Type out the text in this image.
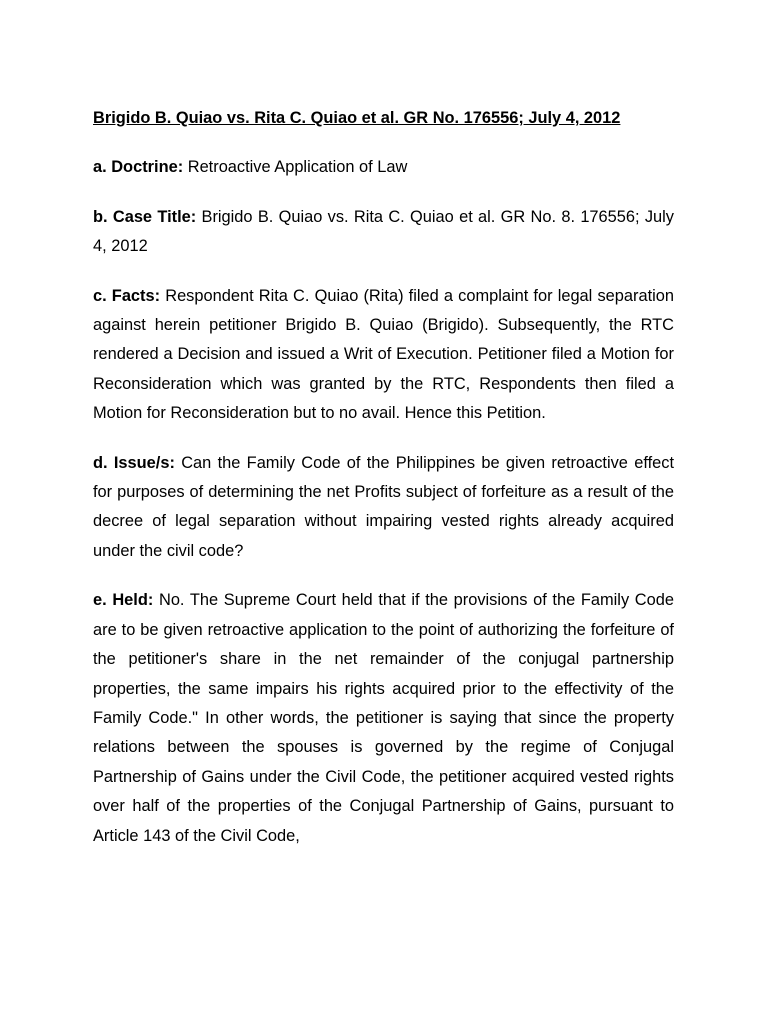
Brigido B. Quiao vs. Rita C. Quiao et al. GR No. 176556; July 4, 2012

a. Doctrine: Retroactive Application of Law

b. Case Title: Brigido B. Quiao vs. Rita C. Quiao et al. GR No. 8. 176556; July 4, 2012

c. Facts: Respondent Rita C. Quiao (Rita) filed a complaint for legal separation against herein petitioner Brigido B. Quiao (Brigido). Subsequently, the RTC rendered a Decision and issued a Writ of Execution. Petitioner filed a Motion for Reconsideration which was granted by the RTC, Respondents then filed a Motion for Reconsideration but to no avail. Hence this Petition.

d. Issue/s: Can the Family Code of the Philippines be given retroactive effect for purposes of determining the net Profits subject of forfeiture as a result of the decree of legal separation without impairing vested rights already acquired under the civil code?

e. Held: No. The Supreme Court held that if the provisions of the Family Code are to be given retroactive application to the point of authorizing the forfeiture of the petitioner's share in the net remainder of the conjugal partnership properties, the same impairs his rights acquired prior to the effectivity of the Family Code." In other words, the petitioner is saying that since the property relations between the spouses is governed by the regime of Conjugal Partnership of Gains under the Civil Code, the petitioner acquired vested rights over half of the properties of the Conjugal Partnership of Gains, pursuant to Article 143 of the Civil Code,
